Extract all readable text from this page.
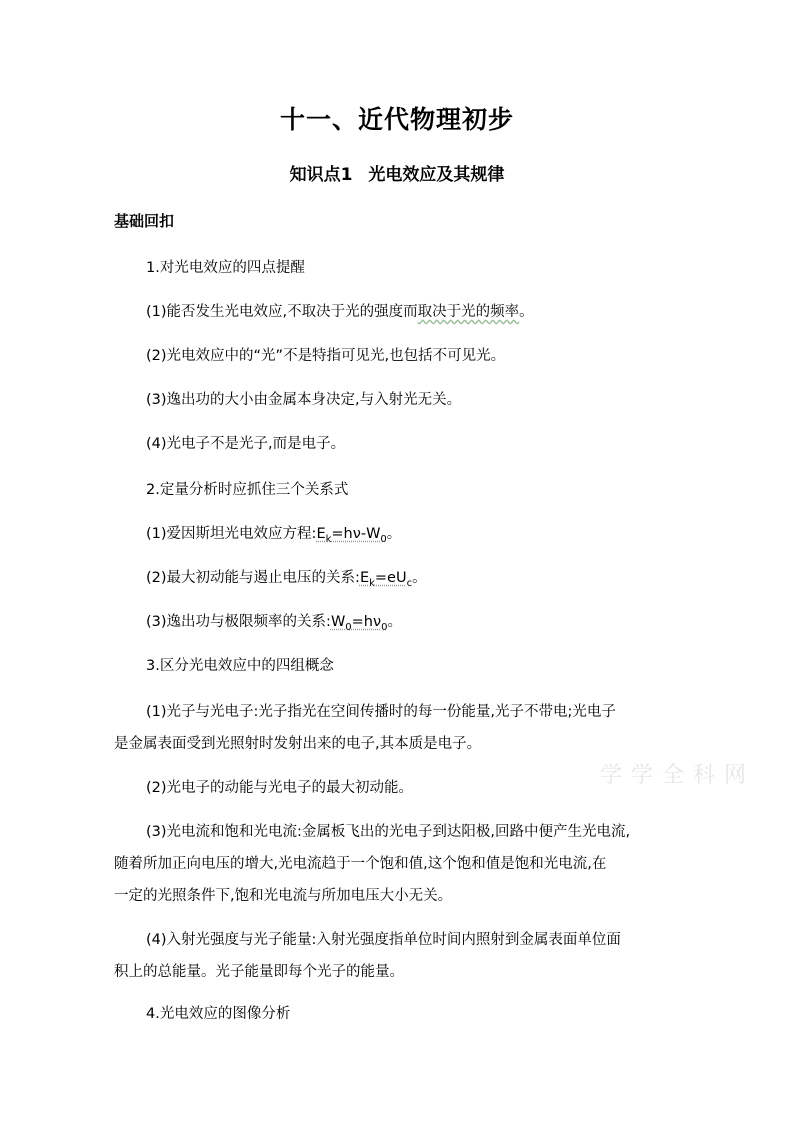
十一、近代物理初步
知识点1 光电效应及其规律
基础回扣
1.对光电效应的四点提醒
(1)能否发生光电效应,不取决于光的强度而取决于光的频率。
(2)光电效应中的“光”不是特指可见光,也包括不可见光。
(3)逸出功的大小由金属本身决定,与入射光无关。
(4)光电子不是光子,而是电子。
2.定量分析时应抓住三个关系式
(1)爱因斯坦光电效应方程$:E_k=h\nu-W_0$。
(2)最大初动能与遏止电压的关系$:E_k=eU_c$。
(3)逸出功与极限频率的关系$:W_0=h\nu_0$。
3.区分光电效应中的四组概念
(1)光子与光电子:光子指光在空间传播时的每一份能量,光子不带电;光电子
是金属表面受到光照射时发射出来的电子,其本质是电子。
(2)光电子的动能与光电子的最大初动能。
(3)光电流和饱和光电流:金属板飞出的光电子到达阳极,回路中便产生光电流,
随着所加正向电压的增大,光电流趋于一个饱和值,这个饱和值是饱和光电流,在
一定的光照条件下,饱和光电流与所加电压大小无关。
(4)入射光强度与光子能量:入射光强度指单位时间内照射到金属表面单位面
积上的总能量。光子能量即每个光子的能量。
4.光电效应的图像分析
学 学 全 科 网
